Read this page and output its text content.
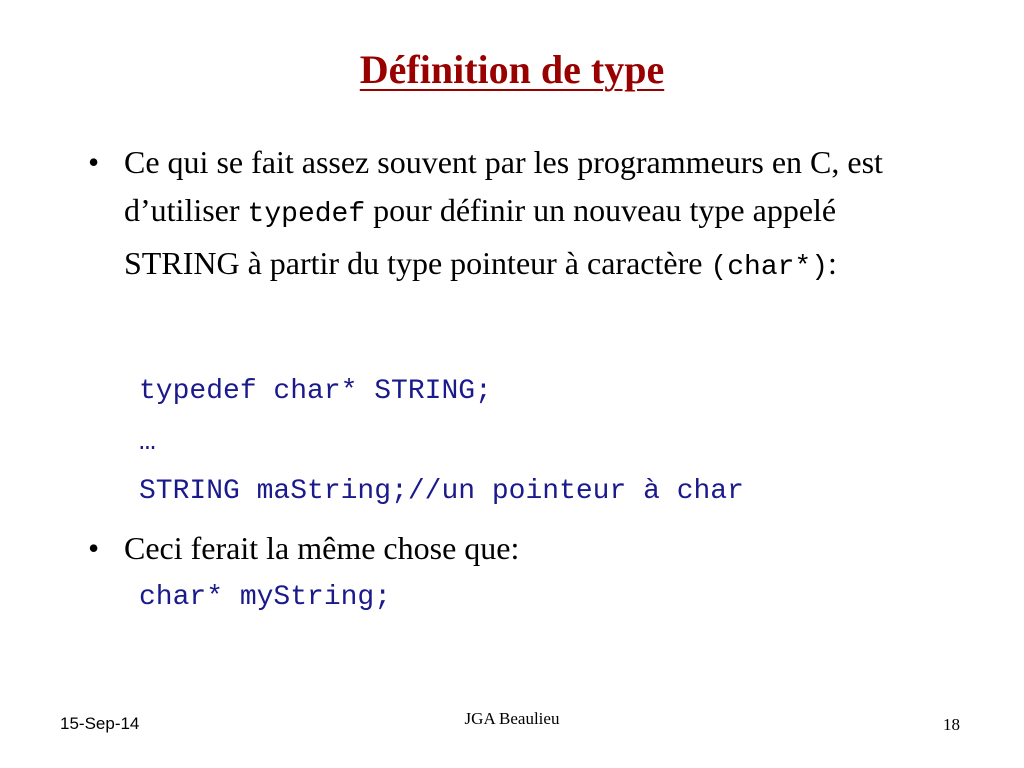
Définition de type
• Ce qui se fait assez souvent par les programmeurs en C, est d’utiliser typedef pour définir un nouveau type appelé STRING à partir du type pointeur à caractère (char*):
typedef char* STRING;
…
STRING maString;//un pointeur à char
• Ceci ferait la même chose que:
char* myString;
15-Sep-14	JGA Beaulieu	18
